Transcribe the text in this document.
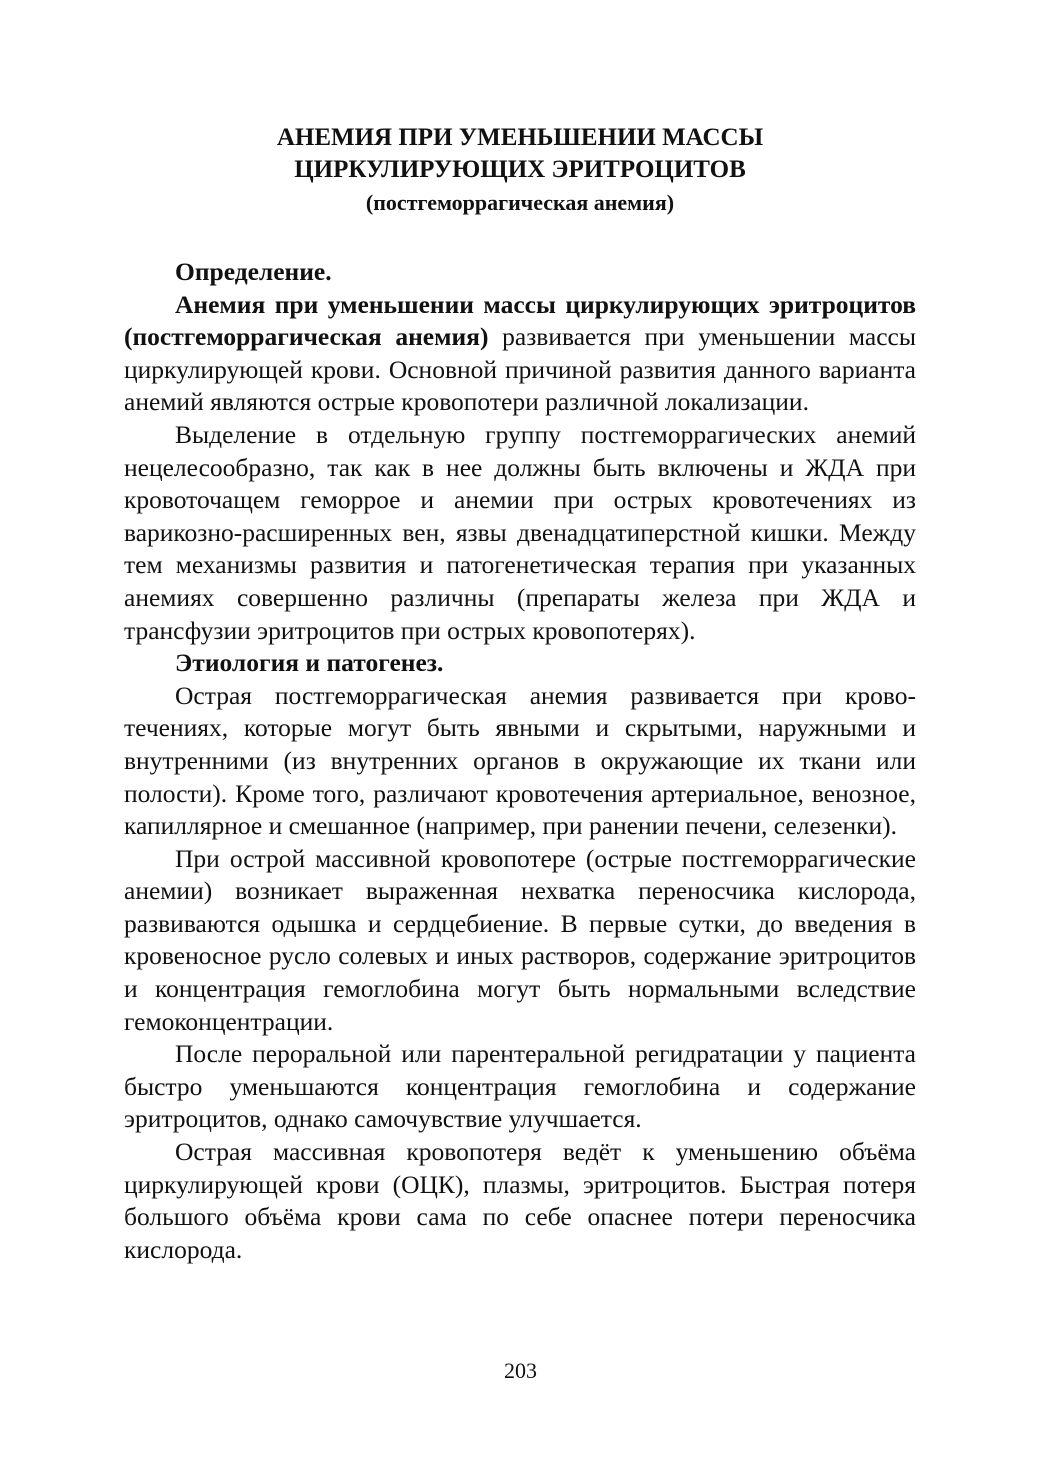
АНЕМИЯ ПРИ УМЕНЬШЕНИИ МАССЫ
ЦИРКУЛИРУЮЩИХ ЭРИТРОЦИТОВ
(постгеморрагическая анемия)

Определение.

Анемия при уменьшении массы циркулирующих эритроцитов (постгеморрагическая анемия) развивается при уменьшении массы циркулирующей крови. Основной причиной развития данного варианта анемий являются острые кровопотери различной локализации.

Выделение в отдельную группу постгеморрагических анемий нецелесообразно, так как в нее должны быть включены и ЖДА при кровоточащем геморрое и анемии при острых кровотечениях из варикозно-расширенных вен, язвы двенадцатиперстной кишки. Между тем механизмы развития и патогенетическая терапия при указанных анемиях совершенно различны (препараты железа при ЖДА и трансфузии эритроцитов при острых кровопотерях).

Этиология и патогенез.

Острая постгеморрагическая анемия развивается при кровотечениях, которые могут быть явными и скрытыми, наружными и внутренними (из внутренних органов в окружающие их ткани или полости). Кроме того, различают кровотечения артериальное, венозное, капиллярное и смешанное (например, при ранении печени, селезенки).

При острой массивной кровопотере (острые постгеморрагические анемии) возникает выраженная нехватка переносчика кислорода, развиваются одышка и сердцебиение. В первые сутки, до введения в кровеносное русло солевых и иных растворов, содержание эритроцитов и концентрация гемоглобина могут быть нормальными вследствие гемоконцентрации.

После пероральной или парентеральной регидратации у пациента быстро уменьшаются концентрация гемоглобина и содержание эритроцитов, однако самочувствие улучшается.

Острая массивная кровопотеря ведёт к уменьшению объёма циркулирующей крови (ОЦК), плазмы, эритроцитов. Быстрая потеря большого объёма крови сама по себе опаснее потери переносчика кислорода.

203
